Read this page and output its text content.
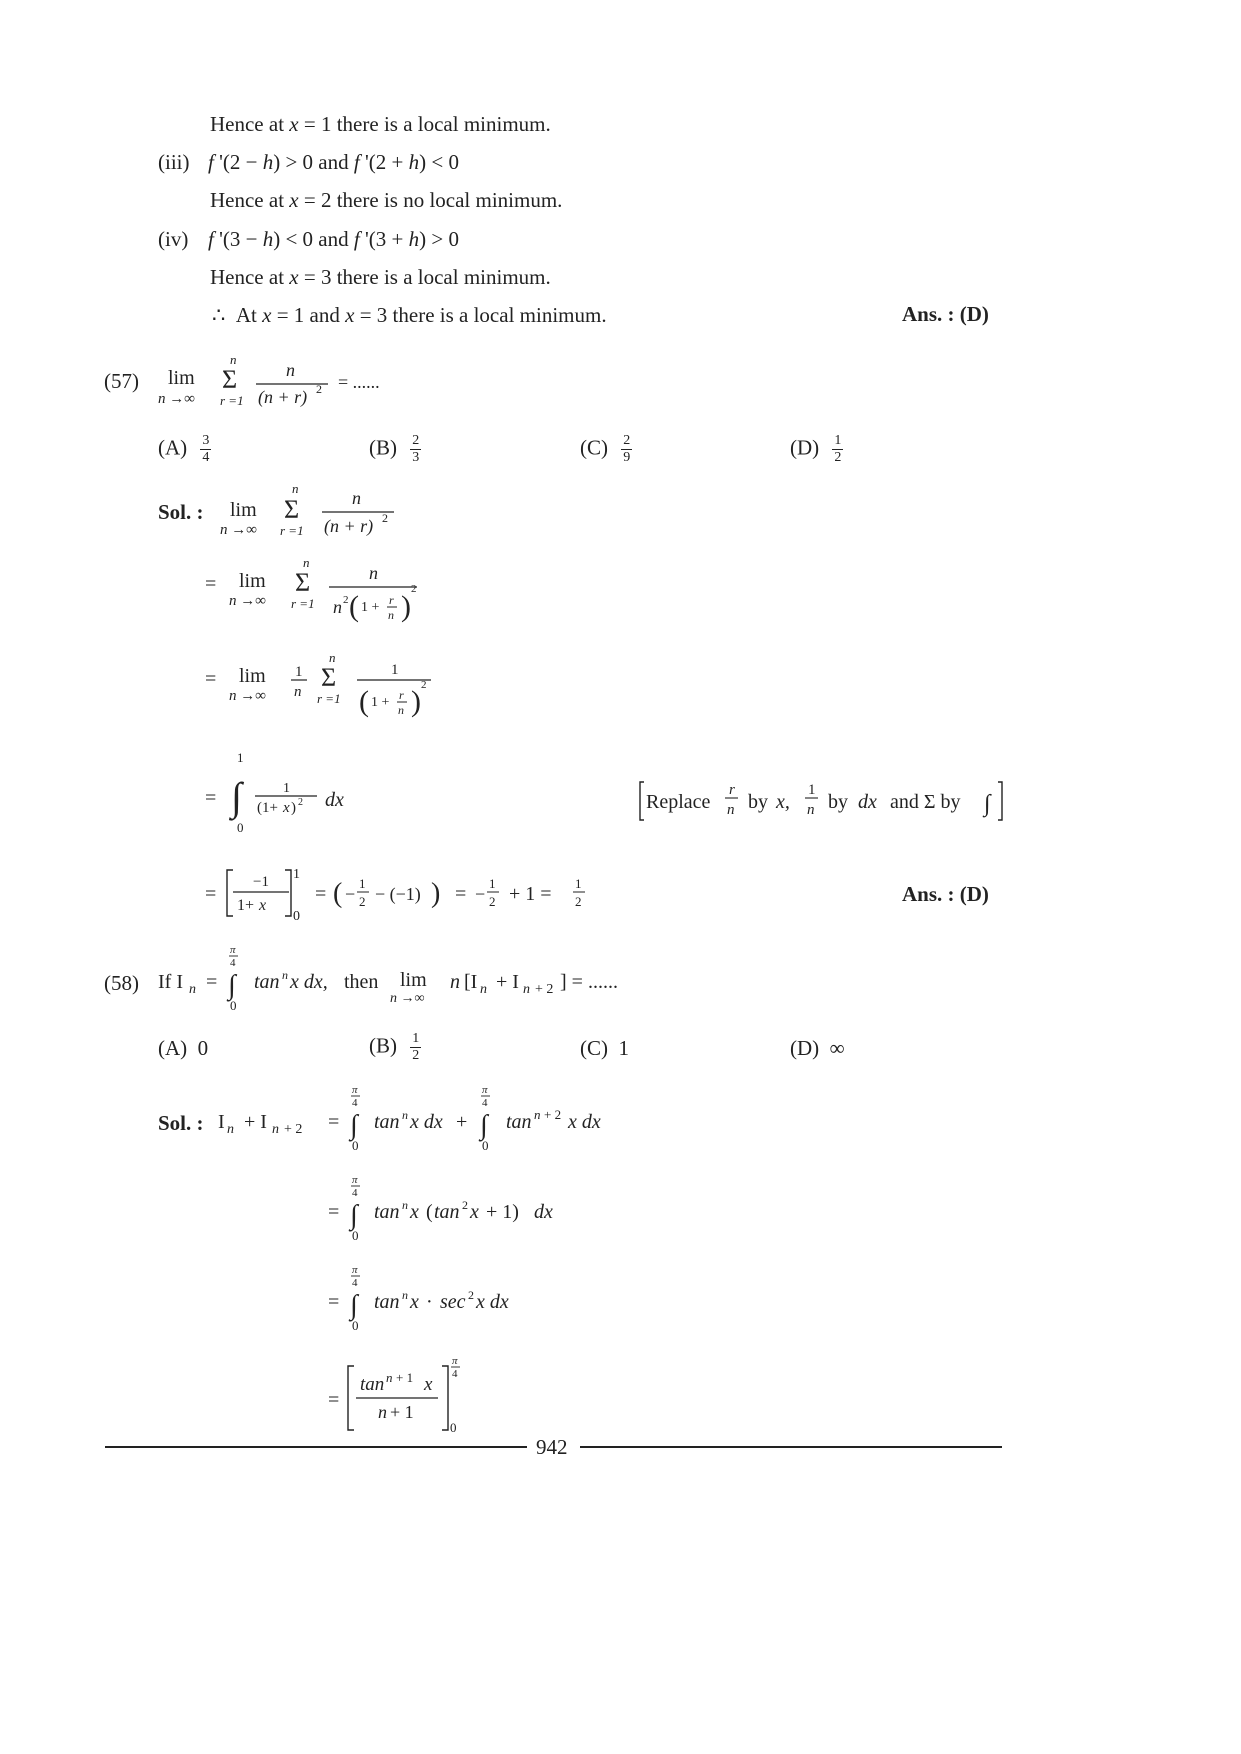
Hence at x = 1 there is a local minimum.
(iii) f '(2 − h) > 0 and f '(2 + h) < 0
Hence at x = 2 there is no local minimum.
(iv) f '(3 − h) < 0 and f '(3 + h) > 0
Hence at x = 3 there is a local minimum.
∴  At x = 1 and x = 3 there is a local minimum.	Ans. : (D)
(57) lim
n →∞
n
Σ
r =1
n
(n + r) 2 = ......
$(A) \frac{3}{4}$	$(B) \frac{2}{3}$	$(C) \frac{2}{9}$	$(D) \frac{1}{2}$
Sol. : lim
n →∞
n
Σ
r =1
n
(n + r) 2
= lim
n →∞
n
Σ
r =1
n
n 2 ( 1 + r
n )
2
= lim
n →∞
1
n
n
Σ
r =1
1
( 1 + r
n ) 2
=
1
∫
0
1
(1+ x ) 2 dx	Replace
r
n by x,
1
n by dx and Σ by ∫
=
−1
1+ x
1
0
= ( −
1
2 − (−1) ) = −
1
2 + 1 = 1
2	Ans. : (D)
(58) If I n =
π
4
∫
0
tan n x dx, then lim
n →∞
n [I n + I n + 2 ] = ......
(A)  0	$(B) \frac{1}{2}$	(C)  1	(D)  ∞
Sol. : I n + I n + 2 =
π
4
∫
0
tan n x dx +
π
4
∫
0
tan n + 2 x dx
=
π
4
∫
0
tan n x ( tan 2 x + 1) dx
=
π
4
∫
0
tan n x · sec 2 x dx
=
tan n + 1 x
n + 1
π
4
0
942
